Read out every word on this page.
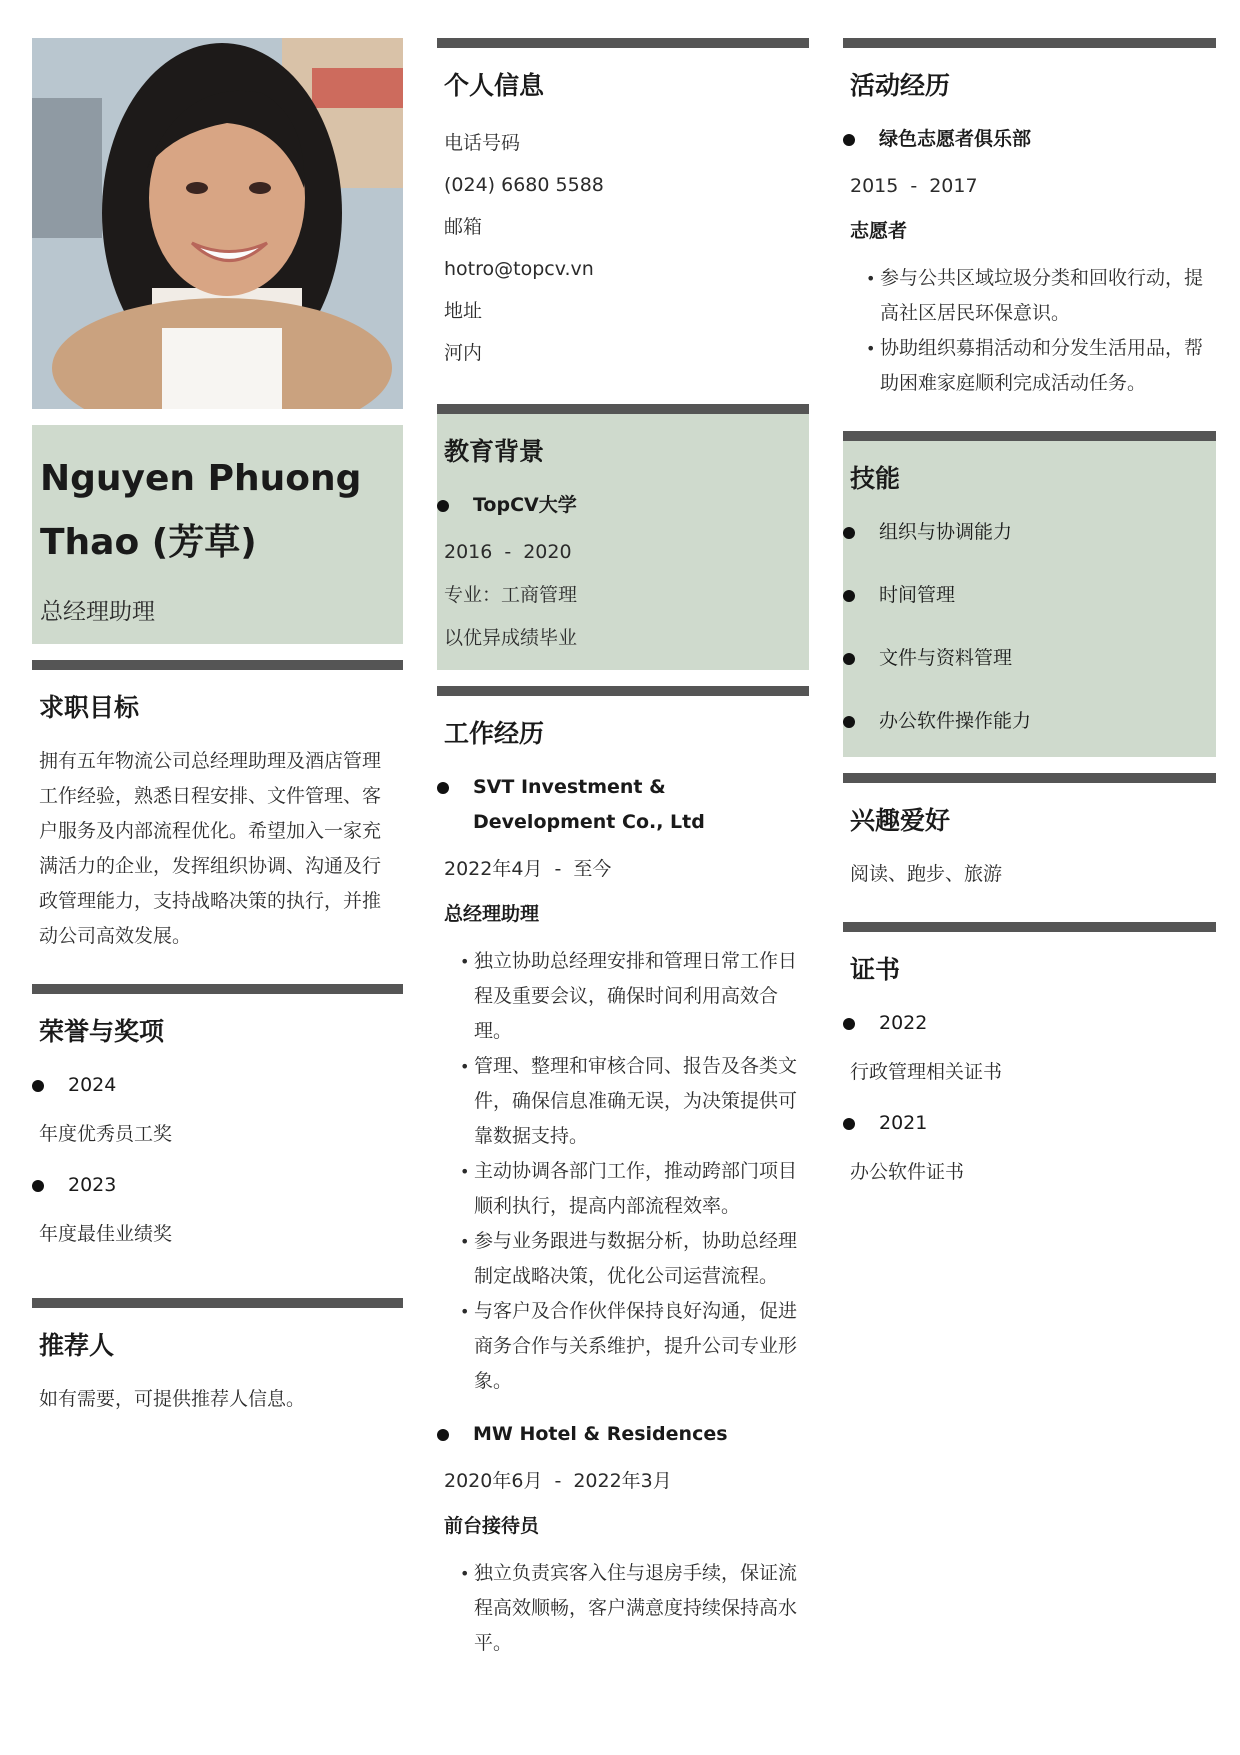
Nguyen Phuong Thao (芳草)
总经理助理
求职目标
拥有五年物流公司总经理助理及酒店管理工作经验，熟悉日程安排、文件管理、客户服务及内部流程优化。希望加入一家充满活力的企业，发挥组织协调、沟通及行政管理能力，支持战略决策的执行，并推动公司高效发展。
荣誉与奖项
2024
年度优秀员工奖
2023
年度最佳业绩奖
推荐人
如有需要，可提供推荐人信息。
个人信息
电话号码
(024) 6680 5588
邮箱
hotro@topcv.vn
地址
河内
教育背景
TopCV大学
2016 - 2020
专业：工商管理
以优异成绩毕业
工作经历
SVT Investment & Development Co., Ltd
2022年4月 - 至今
总经理助理
• 独立协助总经理安排和管理日常工作日程及重要会议，确保时间利用高效合理。
• 管理、整理和审核合同、报告及各类文件，确保信息准确无误，为决策提供可靠数据支持。
• 主动协调各部门工作，推动跨部门项目顺利执行，提高内部流程效率。
• 参与业务跟进与数据分析，协助总经理制定战略决策，优化公司运营流程。
• 与客户及合作伙伴保持良好沟通，促进商务合作与关系维护，提升公司专业形象。
MW Hotel & Residences
2020年6月 - 2022年3月
前台接待员
• 独立负责宾客入住与退房手续，保证流程高效顺畅，客户满意度持续保持高水平。
活动经历
绿色志愿者俱乐部
2015 - 2017
志愿者
• 参与公共区域垃圾分类和回收行动，提高社区居民环保意识。
• 协助组织募捐活动和分发生活用品，帮助困难家庭顺利完成活动任务。
技能
组织与协调能力
时间管理
文件与资料管理
办公软件操作能力
兴趣爱好
阅读、跑步、旅游
证书
2022
行政管理相关证书
2021
办公软件证书
